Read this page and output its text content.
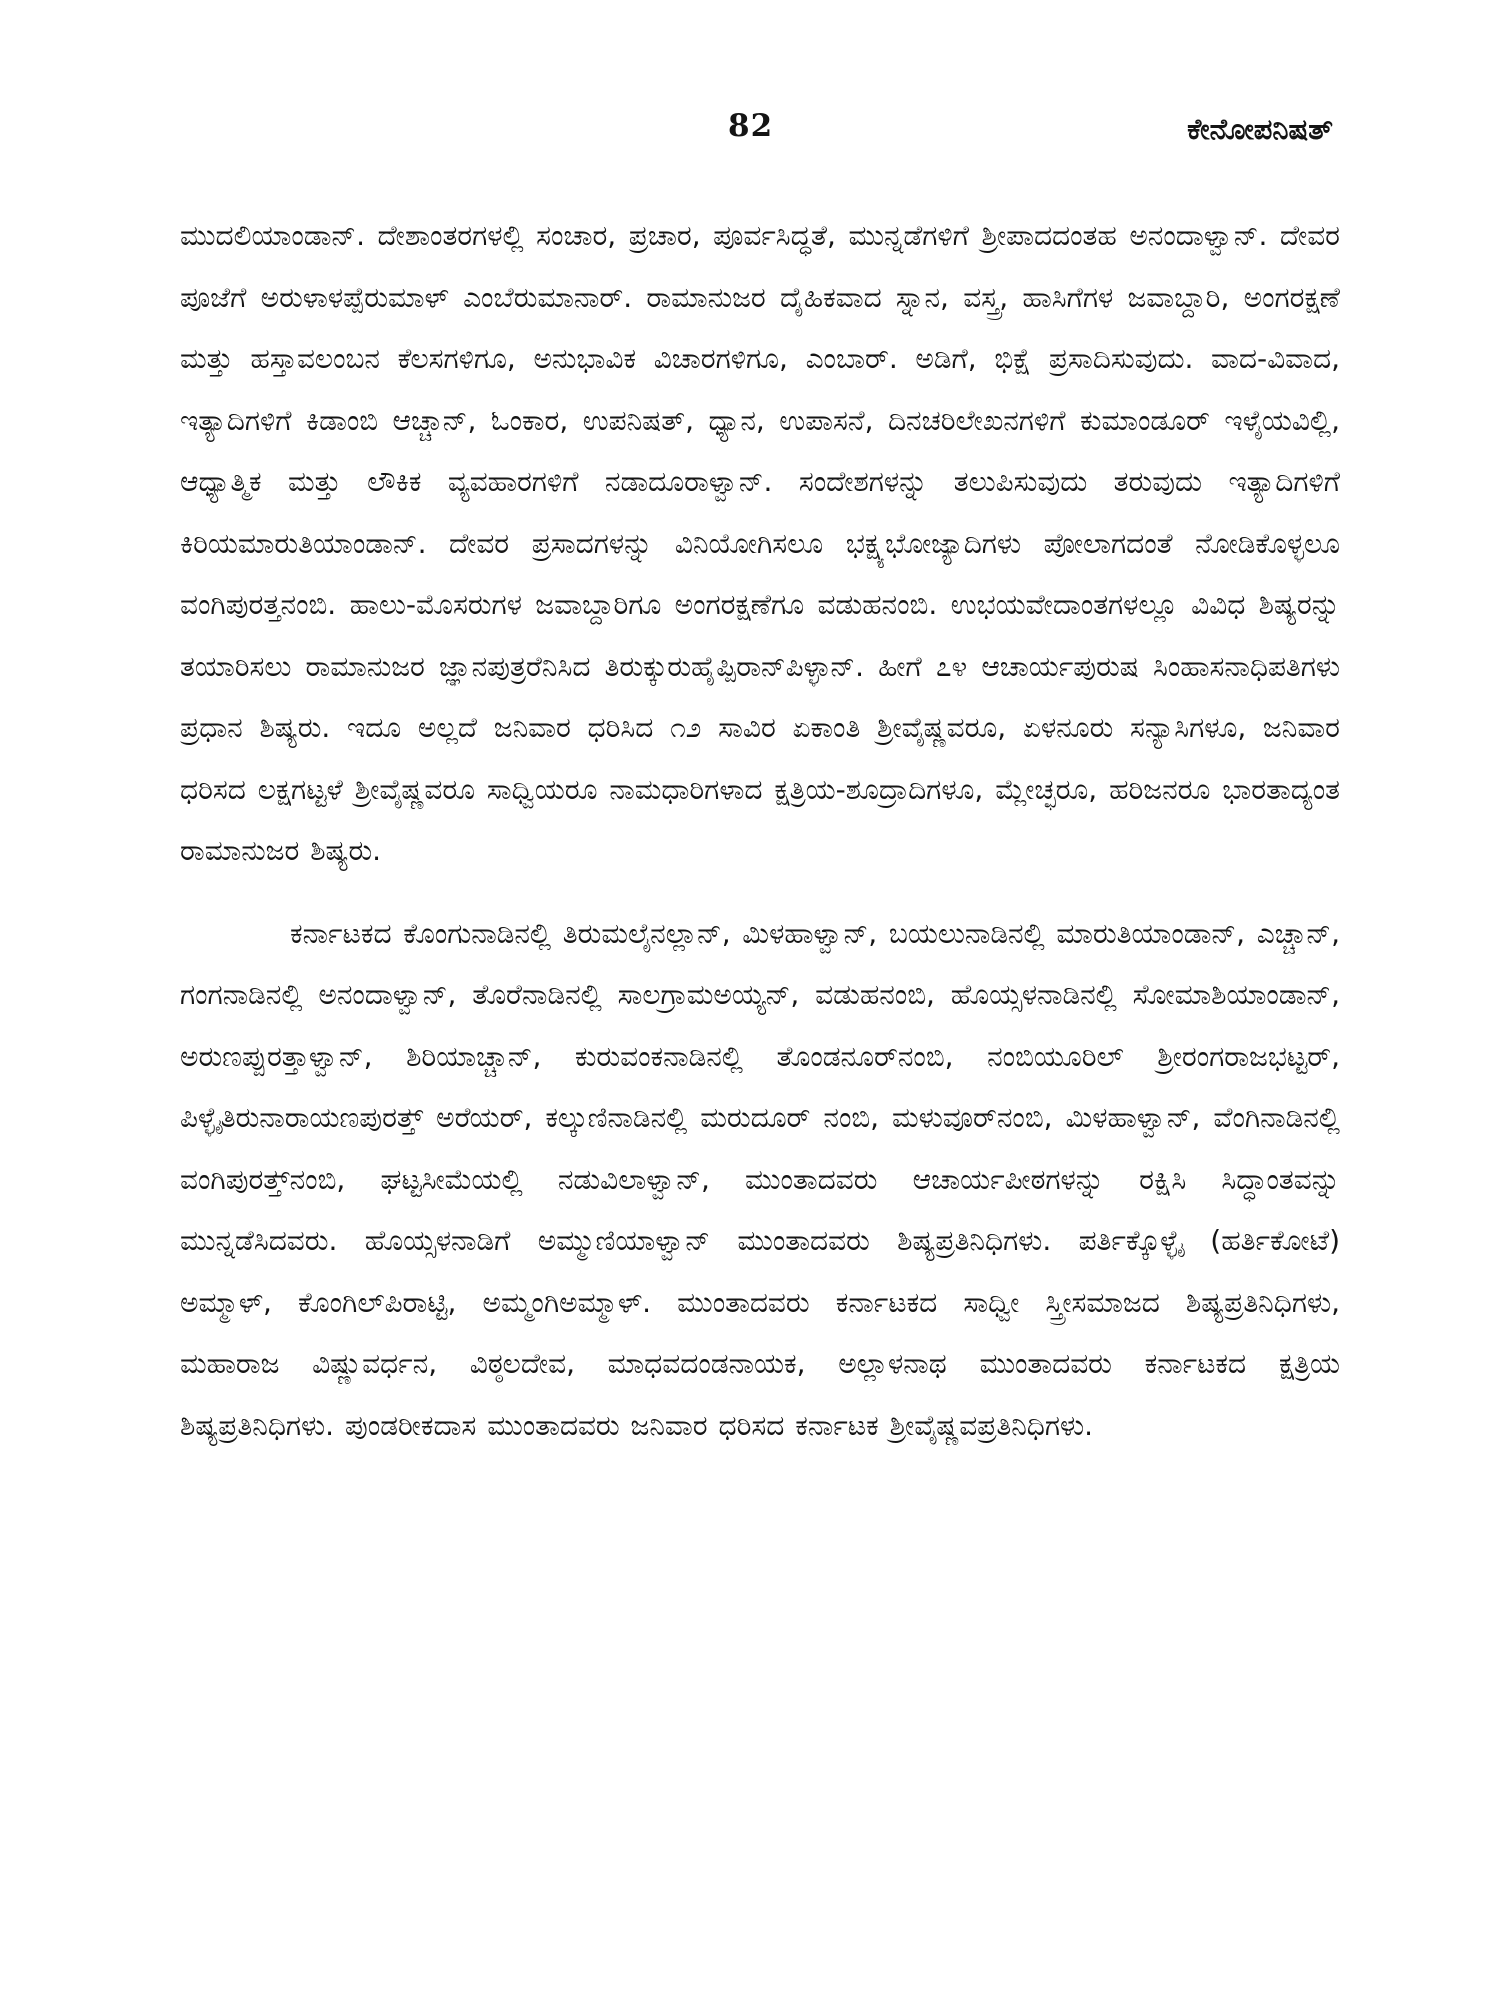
82	ಕೇನೋಪನಿಷತ್

ಮುದಲಿಯಾಂಡಾನ್. ದೇಶಾಂತರಗಳಲ್ಲಿ ಸಂಚಾರ, ಪ್ರಚಾರ, ಪೂರ್ವಸಿದ್ಧತೆ, ಮುನ್ನಡೆಗಳಿಗೆ ಶ್ರೀಪಾದದಂತಹ ಅನಂದಾಳ್ವಾನ್. ದೇವರ ಪೂಜೆಗೆ ಅರುಳಾಳಪ್ಪೆರುಮಾಳ್ ಎಂಬೆರುಮಾನಾರ್. ರಾಮಾನುಜರ ದೈಹಿಕವಾದ ಸ್ನಾನ, ವಸ್ತ್ರ, ಹಾಸಿಗೆಗಳ ಜವಾಬ್ದಾರಿ, ಅಂಗರಕ್ಷಣೆ ಮತ್ತು ಹಸ್ತಾವಲಂಬನ ಕೆಲಸಗಳಿಗೂ, ಅನುಭಾವಿಕ ವಿಚಾರಗಳಿಗೂ, ಎಂಬಾರ್. ಅಡಿಗೆ, ಭಿಕ್ಷೆ ಪ್ರಸಾದಿಸುವುದು. ವಾದ-ವಿವಾದ, ಇತ್ಯಾದಿಗಳಿಗೆ ಕಿಡಾಂಬಿ ಆಚ್ಚಾನ್, ಓಂಕಾರ, ಉಪನಿಷತ್, ಧ್ಯಾನ, ಉಪಾಸನೆ, ದಿನಚರಿಲೇಖನಗಳಿಗೆ ಕುಮಾಂಡೂರ್ ಇಳೈಯವಿಲ್ಲಿ, ಆಧ್ಯಾತ್ಮಿಕ ಮತ್ತು ಲೌಕಿಕ ವ್ಯವಹಾರಗಳಿಗೆ ನಡಾದೂರಾಳ್ವಾನ್. ಸಂದೇಶಗಳನ್ನು ತಲುಪಿಸುವುದು ತರುವುದು ಇತ್ಯಾದಿಗಳಿಗೆ ಕಿರಿಯಮಾರುತಿಯಾಂಡಾನ್. ದೇವರ ಪ್ರಸಾದಗಳನ್ನು ವಿನಿಯೋಗಿಸಲೂ ಭಕ್ಷ್ಯಭೋಜ್ಯಾದಿಗಳು ಪೋಲಾಗದಂತೆ ನೋಡಿಕೊಳ್ಳಲೂ ವಂಗಿಪುರತ್ತನಂಬಿ. ಹಾಲು-ಮೊಸರುಗಳ ಜವಾಬ್ದಾರಿಗೂ ಅಂಗರಕ್ಷಣೆಗೂ ವಡುಹನಂಬಿ. ಉಭಯವೇದಾಂತಗಳಲ್ಲೂ ವಿವಿಧ ಶಿಷ್ಯರನ್ನು ತಯಾರಿಸಲು ರಾಮಾನುಜರ ಜ್ಞಾನಪುತ್ರರೆನಿಸಿದ ತಿರುಕ್ಕುರುಹೈಪ್ಪಿರಾನ್‌ಪಿಳ್ಳಾನ್. ಹೀಗೆ ೭೪ ಆಚಾರ್ಯಪುರುಷ ಸಿಂಹಾಸನಾಧಿಪತಿಗಳು ಪ್ರಧಾನ ಶಿಷ್ಯರು. ಇದೂ ಅಲ್ಲದೆ ಜನಿವಾರ ಧರಿಸಿದ ೧೨ ಸಾವಿರ ಏಕಾಂತಿ ಶ್ರೀವೈಷ್ಣವರೂ, ಏಳನೂರು ಸನ್ಯಾಸಿಗಳೂ, ಜನಿವಾರ ಧರಿಸದ ಲಕ್ಷಗಟ್ಟಳೆ ಶ್ರೀವೈಷ್ಣವರೂ ಸಾಧ್ವಿಯರೂ ನಾಮಧಾರಿಗಳಾದ ಕ್ಷತ್ರಿಯ-ಶೂದ್ರಾದಿಗಳೂ, ಮ್ಲೇಚ್ಛರೂ, ಹರಿಜನರೂ ಭಾರತಾದ್ಯಂತ ರಾಮಾನುಜರ ಶಿಷ್ಯರು.

ಕರ್ನಾಟಕದ ಕೊಂಗುನಾಡಿನಲ್ಲಿ ತಿರುಮಲೈನಲ್ಲಾನ್, ಮಿಳಹಾಳ್ವಾನ್, ಬಯಲುನಾಡಿನಲ್ಲಿ ಮಾರುತಿಯಾಂಡಾನ್, ಎಚ್ಚಾನ್, ಗಂಗನಾಡಿನಲ್ಲಿ ಅನಂದಾಳ್ವಾನ್, ತೊರೆನಾಡಿನಲ್ಲಿ ಸಾಲಗ್ರಾಮಅಯ್ಯನ್, ವಡುಹನಂಬಿ, ಹೊಯ್ಸಳನಾಡಿನಲ್ಲಿ ಸೋಮಾಶಿಯಾಂಡಾನ್, ಅರುಣಪ್ಪುರತ್ತಾಳ್ವಾನ್, ಶಿರಿಯಾಚ್ಚಾನ್, ಕುರುವಂಕನಾಡಿನಲ್ಲಿ ತೊಂಡನೂರ್‌ನಂಬಿ, ನಂಬಿಯೂರಿಲ್ ಶ್ರೀರಂಗರಾಜಭಟ್ಟರ್, ಪಿಳ್ಳೈತಿರುನಾರಾಯಣಪುರತ್ತ್ ಅರೆಯರ್, ಕಲ್ಕುಣಿನಾಡಿನಲ್ಲಿ ಮರುದೂರ್ ನಂಬಿ, ಮಳುವೂರ್‌ನಂಬಿ, ಮಿಳಹಾಳ್ವಾನ್, ವೆಂಗಿನಾಡಿನಲ್ಲಿ ವಂಗಿಪುರತ್ತ್‌ನಂಬಿ, ಘಟ್ಟಸೀಮೆಯಲ್ಲಿ ನಡುವಿಲಾಳ್ವಾನ್, ಮುಂತಾದವರು ಆಚಾರ್ಯಪೀಠಗಳನ್ನು ರಕ್ಷಿಸಿ ಸಿದ್ಧಾಂತವನ್ನು ಮುನ್ನಡೆಸಿದವರು. ಹೊಯ್ಸಳನಾಡಿಗೆ ಅಮ್ಮುಣಿಯಾಳ್ವಾನ್ ಮುಂತಾದವರು ಶಿಷ್ಯಪ್ರತಿನಿಧಿಗಳು. ಪರ್ತಿಕ್ಕೊಳ್ಳೈ (ಹರ್ತಿಕೋಟೆ) ಅಮ್ಮಾಳ್, ಕೊಂಗಿಲ್‌ಪಿರಾಟ್ಟಿ, ಅಮ್ಮಂಗಿಅಮ್ಮಾಳ್. ಮುಂತಾದವರು ಕರ್ನಾಟಕದ ಸಾಧ್ವೀ ಸ್ತ್ರೀಸಮಾಜದ ಶಿಷ್ಯಪ್ರತಿನಿಧಿಗಳು, ಮಹಾರಾಜ ವಿಷ್ಣುವರ್ಧನ, ವಿಠ್ಠಲದೇವ, ಮಾಧವದಂಡನಾಯಕ, ಅಲ್ಲಾಳನಾಥ ಮುಂತಾದವರು ಕರ್ನಾಟಕದ ಕ್ಷತ್ರಿಯ ಶಿಷ್ಯಪ್ರತಿನಿಧಿಗಳು. ಪುಂಡರೀಕದಾಸ ಮುಂತಾದವರು ಜನಿವಾರ ಧರಿಸದ ಕರ್ನಾಟಕ ಶ್ರೀವೈಷ್ಣವಪ್ರತಿನಿಧಿಗಳು.
